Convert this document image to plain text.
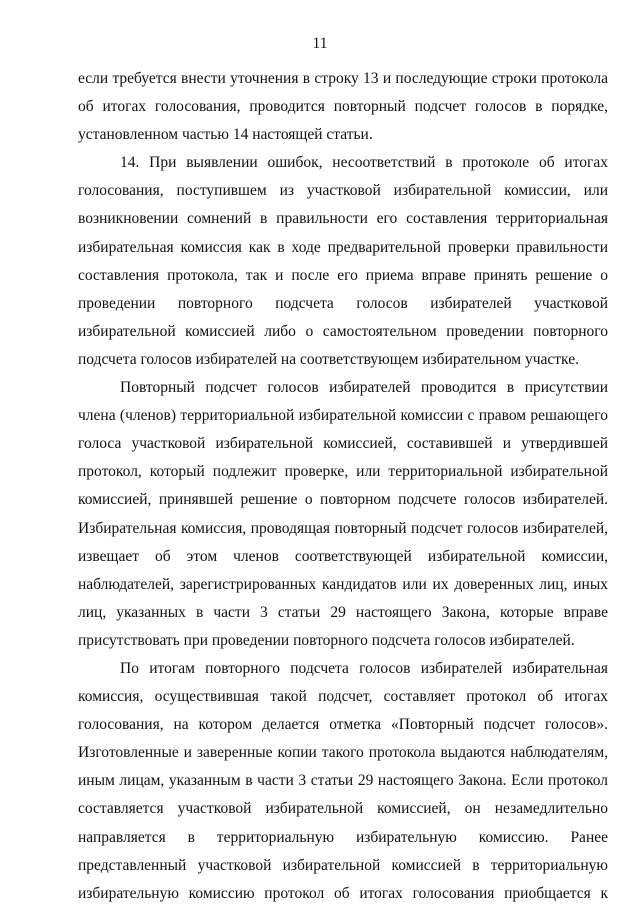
11

если требуется внести уточнения в строку 13 и последующие строки протокола об итогах голосования, проводится повторный подсчет голосов в порядке, установленном частью 14 настоящей статьи.

14. При выявлении ошибок, несоответствий в протоколе об итогах голосования, поступившем из участковой избирательной комиссии, или возникновении сомнений в правильности его составления территориальная избирательная комиссия как в ходе предварительной проверки правильности составления протокола, так и после его приема вправе принять решение о проведении повторного подсчета голосов избирателей участковой избирательной комиссией либо о самостоятельном проведении повторного подсчета голосов избирателей на соответствующем избирательном участке.

Повторный подсчет голосов избирателей проводится в присутствии члена (членов) территориальной избирательной комиссии с правом решающего голоса участковой избирательной комиссией, составившей и утвердившей протокол, который подлежит проверке, или территориальной избирательной комиссией, принявшей решение о повторном подсчете голосов избирателей. Избирательная комиссия, проводящая повторный подсчет голосов избирателей, извещает об этом членов соответствующей избирательной комиссии, наблюдателей, зарегистрированных кандидатов или их доверенных лиц, иных лиц, указанных в части 3 статьи 29 настоящего Закона, которые вправе присутствовать при проведении повторного подсчета голосов избирателей.

По итогам повторного подсчета голосов избирателей избирательная комиссия, осуществившая такой подсчет, составляет протокол об итогах голосования, на котором делается отметка «Повторный подсчет голосов». Изготовленные и заверенные копии такого протокола выдаются наблюдателям, иным лицам, указанным в части 3 статьи 29 настоящего Закона. Если протокол составляется участковой избирательной комиссией, он незамедлительно направляется в территориальную избирательную комиссию. Ранее представленный участковой избирательной комиссией в территориальную избирательную комиссию протокол об итогах голосования приобщается к
